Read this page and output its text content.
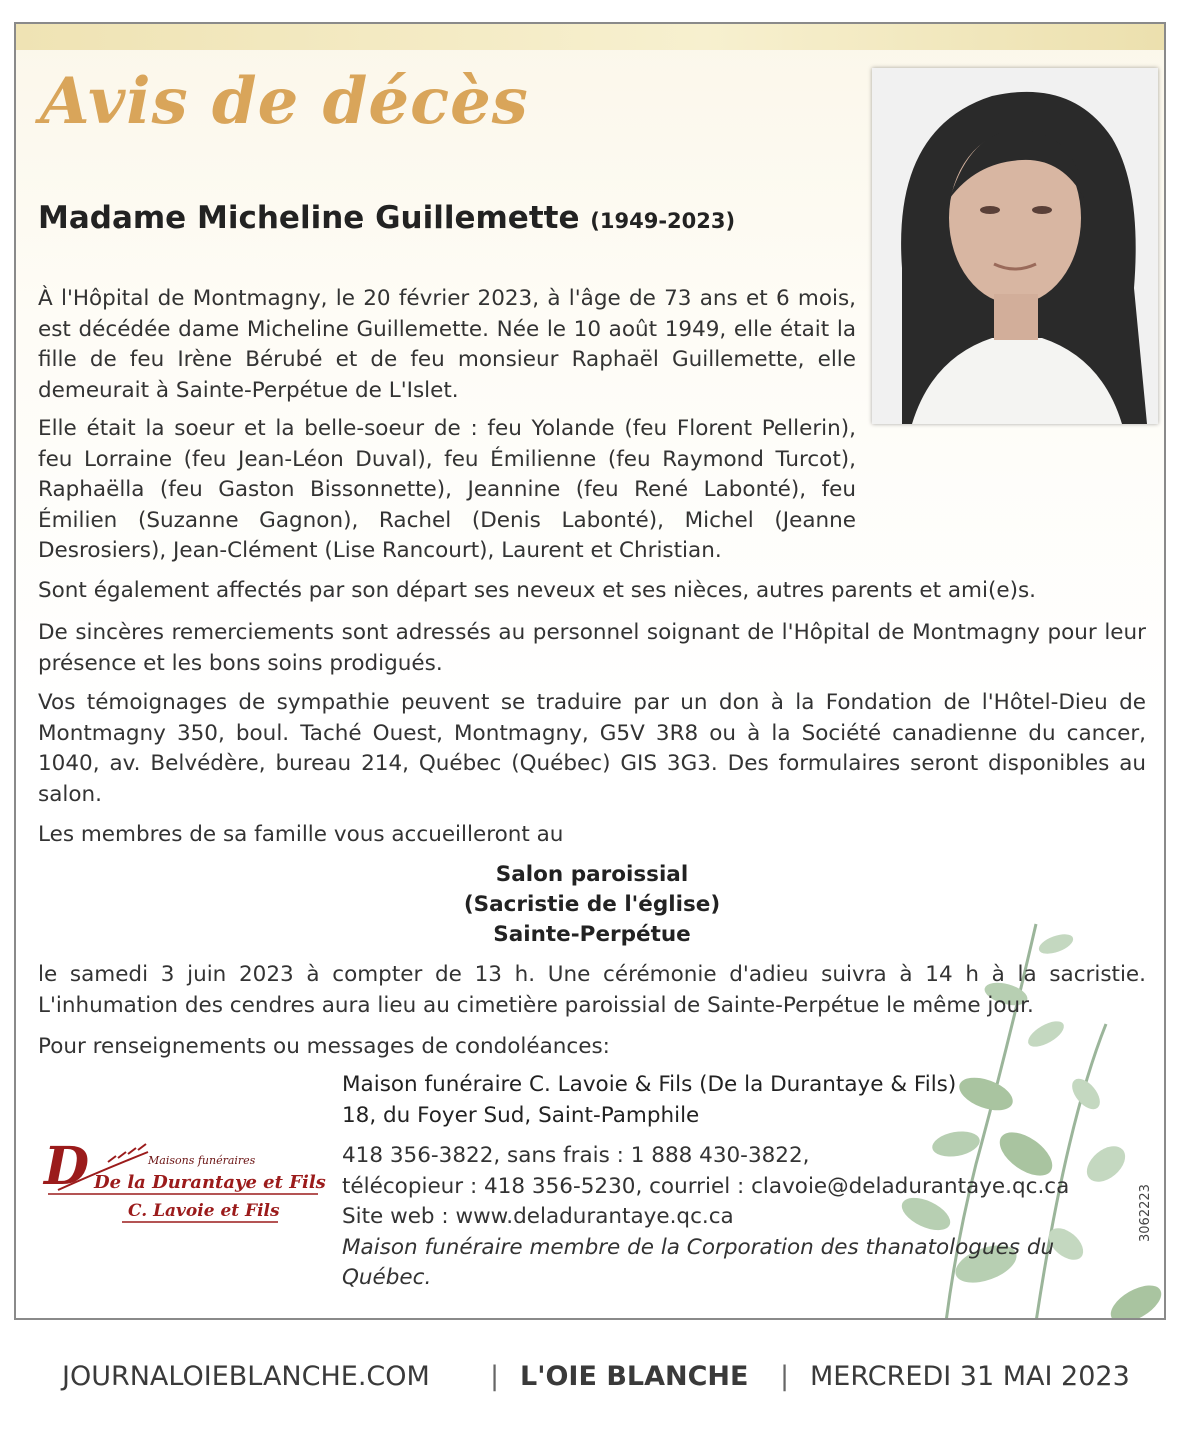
Avis de décès
Madame Micheline Guillemette (1949-2023)
À l'Hôpital de Montmagny, le 20 février 2023, à l'âge de 73 ans et 6 mois, est décédée dame Micheline Guillemette. Née le 10 août 1949, elle était la fille de feu Irène Bérubé et de feu monsieur Raphaël Guillemette, elle demeurait à Sainte-Perpétue de L'Islet.
Elle était la soeur et la belle-soeur de : feu Yolande (feu Florent Pellerin), feu Lorraine (feu Jean-Léon Duval), feu Émilienne (feu Raymond Turcot), Raphaëlla (feu Gaston Bissonnette), Jeannine (feu René Labonté), feu Émilien (Suzanne Gagnon), Rachel (Denis Labonté), Michel (Jeanne Desrosiers), Jean-Clément (Lise Rancourt), Laurent et Christian.
Sont également affectés par son départ ses neveux et ses nièces, autres parents et ami(e)s.
De sincères remerciements sont adressés au personnel soignant de l'Hôpital de Montmagny pour leur présence et les bons soins prodigués.
Vos témoignages de sympathie peuvent se traduire par un don à la Fondation de l'Hôtel-Dieu de Montmagny 350, boul. Taché Ouest, Montmagny, G5V 3R8 ou à la Société canadienne du cancer, 1040, av. Belvédère, bureau 214, Québec (Québec) GIS 3G3. Des formulaires seront disponibles au salon.
Les membres de sa famille vous accueilleront au
Salon paroissial
(Sacristie de l'église)
Sainte-Perpétue
le samedi 3 juin 2023 à compter de 13 h. Une cérémonie d'adieu suivra à 14 h à la sacristie. L'inhumation des cendres aura lieu au cimetière paroissial de Sainte-Perpétue le même jour.
Pour renseignements ou messages de condoléances:
D	Maisons funéraires
De la Durantaye et Fils
C. Lavoie et Fils
Maison funéraire C. Lavoie & Fils (De la Durantaye & Fils)
18, du Foyer Sud, Saint-Pamphile
418 356-3822, sans frais : 1 888 430-3822,
télécopieur : 418 356-5230, courriel : clavoie@deladurantaye.qc.ca
Site web : www.deladurantaye.qc.ca
Maison funéraire membre de la Corporation des thanatologues du Québec.
3062223
JOURNALOIEBLANCHE.COM | L'OIE BLANCHE | MERCREDI 31 MAI 2023
